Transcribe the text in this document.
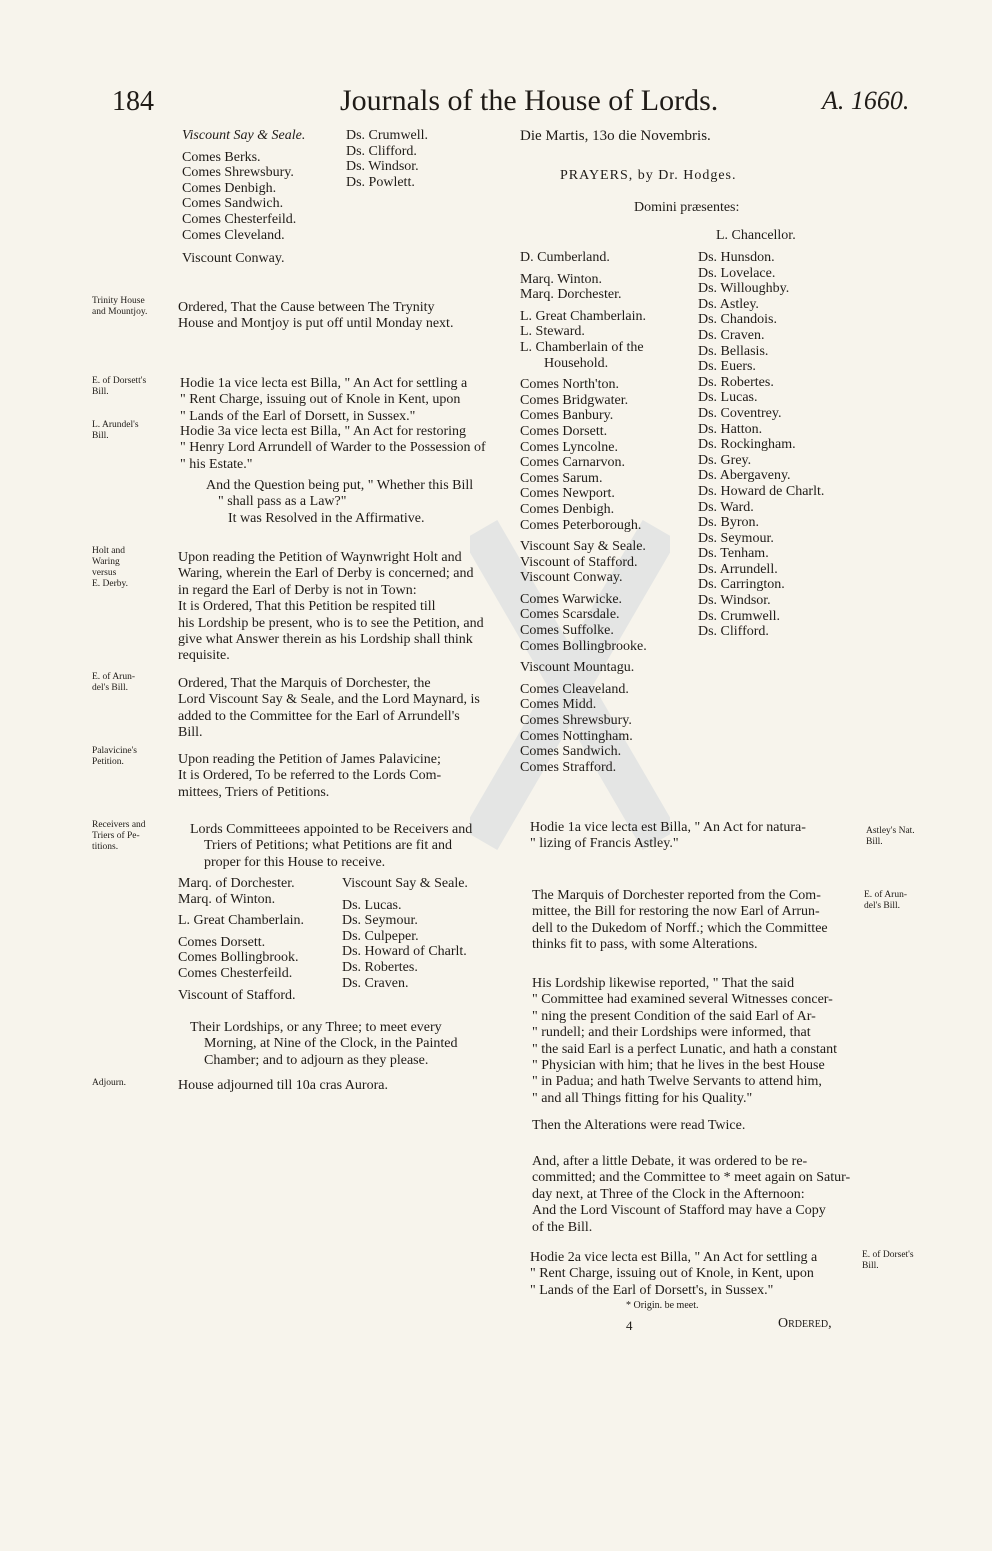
184	Journals of the House of Lords.	A. 1660.
Viscount Say & Seale.
Comes Berks.
Comes Shrewsbury.
Comes Denbigh.
Comes Sandwich.
Comes Chesterfeild.
Comes Cleveland.
Viscount Conway.
Ds. Crumwell.
Ds. Clifford.
Ds. Windsor.
Ds. Powlett.
Trinity House
and Mountjoy.	Ordered, That the Cause between The Trynity
House and Montjoy is put off until Monday next.
E. of Dorsett's
Bill.
Hodie 1a vice lecta est Billa, " An Act for settling a
" Rent Charge, issuing out of Knole in Kent, upon
" Lands of the Earl of Dorsett, in Sussex."
L. Arundel's
Bill.	Hodie 3a vice lecta est Billa, " An Act for restoring
" Henry Lord Arrundell of Warder to the Possession of
" his Estate."
And the Question being put, " Whether this Bill
" shall pass as a Law?"
It was Resolved in the Affirmative.
Holt and
Waring
versus
E. Derby.
Upon reading the Petition of Waynwright Holt and
Waring, wherein the Earl of Derby is concerned; and
in regard the Earl of Derby is not in Town:
It is Ordered, That this Petition be respited till
his Lordship be present, who is to see the Petition, and
give what Answer therein as his Lordship shall think
requisite.
E. of Arun-
del's Bill.	Ordered, That the Marquis of Dorchester, the
Lord Viscount Say & Seale, and the Lord Maynard, is
added to the Committee for the Earl of Arrundell's
Bill.
Palavicine's
Petition.	Upon reading the Petition of James Palavicine;
It is Ordered, To be referred to the Lords Com-
mittees, Triers of Petitions.
Receivers and
Triers of Pe-
titions.
Lords Committeees appointed to be Receivers and
Triers of Petitions; what Petitions are fit and
proper for this House to receive.
Marq. of Dorchester.
Marq. of Winton.
L. Great Chamberlain.
Comes Dorsett.
Comes Bollingbrook.
Comes Chesterfeild.
Viscount of Stafford.
Viscount Say & Seale.
Ds. Lucas.
Ds. Seymour.
Ds. Culpeper.
Ds. Howard of Charlt.
Ds. Robertes.
Ds. Craven.
Their Lordships, or any Three; to meet every
Morning, at Nine of the Clock, in the Painted
Chamber; and to adjourn as they please.
Adjourn.	House adjourned till 10a cras Aurora.
Die Martis, 13o die Novembris.
PRAYERS, by Dr. Hodges.
Domini præsentes:
L. Chancellor.
D. Cumberland.
Marq. Winton.
Marq. Dorchester.
L. Great Chamberlain.
L. Steward.
L. Chamberlain of the
Household.
Comes North'ton.
Comes Bridgwater.
Comes Banbury.
Comes Dorsett.
Comes Lyncolne.
Comes Carnarvon.
Comes Sarum.
Comes Newport.
Comes Denbigh.
Comes Peterborough.
Viscount Say & Seale.
Viscount of Stafford.
Viscount Conway.
Comes Warwicke.
Comes Scarsdale.
Comes Suffolke.
Comes Bollingbrooke.
Viscount Mountagu.
Comes Cleaveland.
Comes Midd.
Comes Shrewsbury.
Comes Nottingham.
Comes Sandwich.
Comes Strafford.
Ds. Hunsdon.
Ds. Lovelace.
Ds. Willoughby.
Ds. Astley.
Ds. Chandois.
Ds. Craven.
Ds. Bellasis.
Ds. Euers.
Ds. Robertes.
Ds. Lucas.
Ds. Coventrey.
Ds. Hatton.
Ds. Rockingham.
Ds. Grey.
Ds. Abergaveny.
Ds. Howard de Charlt.
Ds. Ward.
Ds. Byron.
Ds. Seymour.
Ds. Tenham.
Ds. Arrundell.
Ds. Carrington.
Ds. Windsor.
Ds. Crumwell.
Ds. Clifford.
Hodie 1a vice lecta est Billa, " An Act for natura-
" lizing of Francis Astley."
Astley's Nat.
Bill.
The Marquis of Dorchester reported from the Com-
mittee, the Bill for restoring the now Earl of Arrun-
dell to the Dukedom of Norff.; which the Committee
thinks fit to pass, with some Alterations.
E. of Arun-
del's Bill.
His Lordship likewise reported, " That the said
" Committee had examined several Witnesses concer-
" ning the present Condition of the said Earl of Ar-
" rundell; and their Lordships were informed, that
" the said Earl is a perfect Lunatic, and hath a constant
" Physician with him; that he lives in the best House
" in Padua; and hath Twelve Servants to attend him,
" and all Things fitting for his Quality."
Then the Alterations were read Twice.
And, after a little Debate, it was ordered to be re-
committed; and the Committee to * meet again on Satur-
day next, at Three of the Clock in the Afternoon:
And the Lord Viscount of Stafford may have a Copy
of the Bill.
Hodie 2a vice lecta est Billa, " An Act for settling a
" Rent Charge, issuing out of Knole, in Kent, upon
" Lands of the Earl of Dorsett's, in Sussex."
E. of Dorset's
Bill.
* Origin. be meet.
4	Ordered,
